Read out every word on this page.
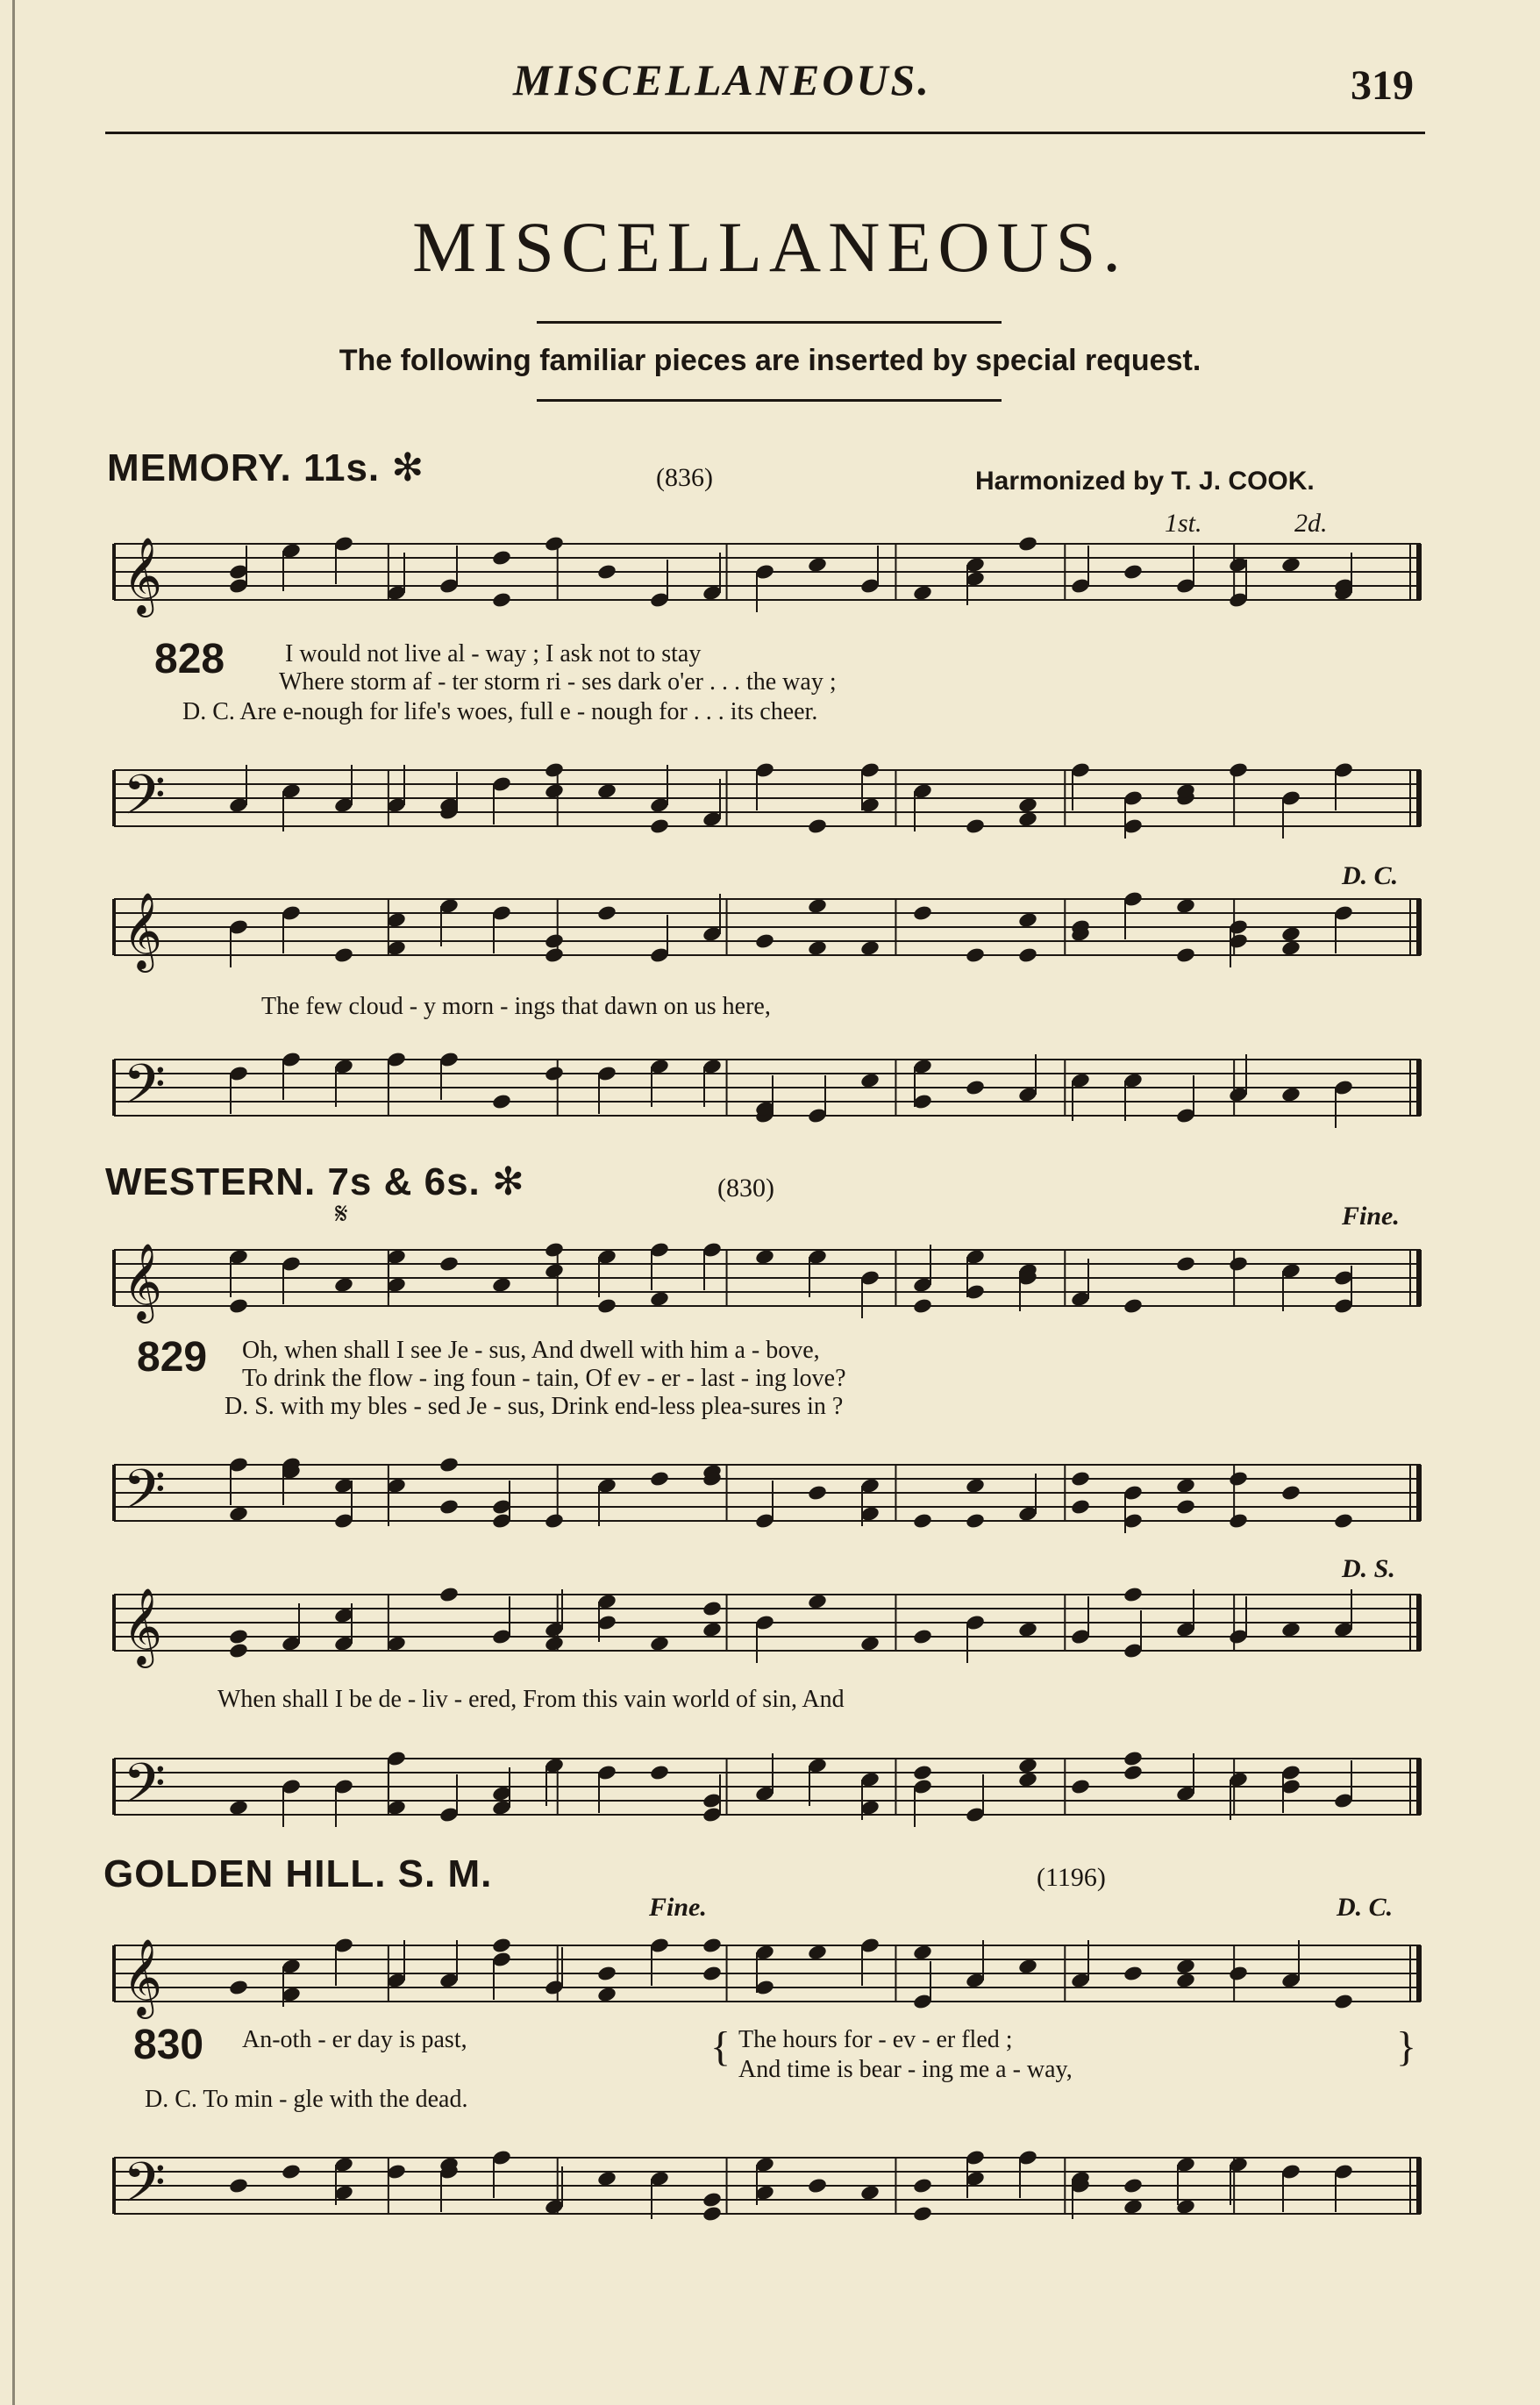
MISCELLANEOUS.	319
MISCELLANEOUS.
The following familiar pieces are inserted by special request.
MEMORY. 11s. ✻	(836)	Harmonized by T. J. COOK.
1st.	2d.
𝄞
828 I would not live al - way ; I ask not to stay
Where storm af - ter storm ri - ses dark o'er . . . the way ;
D. C. Are e-nough for life's woes, full e - nough for . . . its cheer.
𝄢
𝄞
D. C.
The few cloud - y morn - ings that dawn on us here,
𝄢
WESTERN. 7s & 6s. ✻	(830)
𝄋	Fine.
𝄞
829 Oh, when shall I see Je - sus, And dwell with him a - bove,
To drink the flow - ing foun - tain, Of ev - er - last - ing love?
D. S. with my bles - sed Je - sus, Drink end-less plea-sures in ?
𝄢
𝄞
D. S.
When shall I be de - liv - ered, From this vain world of sin, And
𝄢
GOLDEN HILL. S. M.	(1196)
Fine.	D. C.
𝄞
830 An-oth - er day is past,	{ The hours for - ev - er fled ;
And time is bear - ing me a - way,	}
D. C. To min - gle with the dead.
𝄢
